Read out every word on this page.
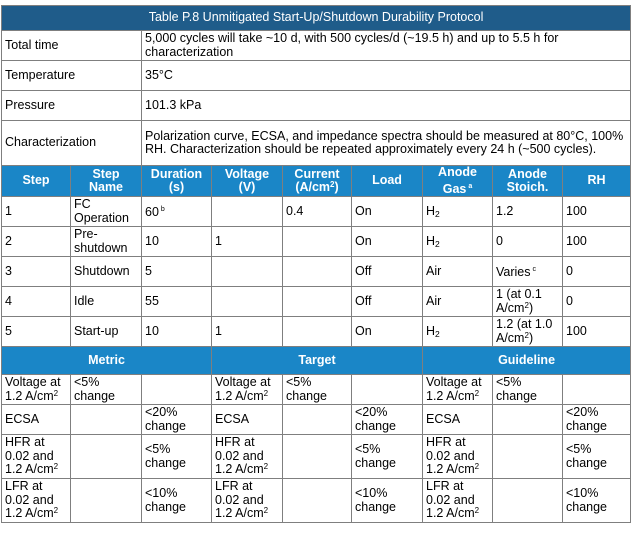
Table P.8 Unmitigated Start-Up/Shutdown Durability Protocol								
Total time		5,000 cycles will take ~10 d, with 500 cycles/d (~19.5 h) and up to 5.5 h for characterization						
Temperature		35°C						
Pressure		101.3 kPa						
Characterization		Polarization curve, ECSA, and impedance spectra should be measured at 80°C, 100% RH. Characterization should be repeated approximately every 24 h (~500 cycles).						
Step	Step Name	Duration (s)	Voltage (V)	Current $(A/cm^2)$	Load	Anode Gas $^a$	Anode Stoich.	RH
1	FC Operation	60 $^b$		0.4	On	$H_2$	1.2	100
2	Pre-shutdown	10	1		On	$H_2$	0	100
3	Shutdown	5			Off	Air	Varies $^c$	0
4	Idle	55			Off	Air	1 (at 0.1 $A/cm^2$)	0
5	Start-up	10	1		On	$H_2$	1.2 (at 1.0 $A/cm^2$)	100
Metric			Target			Guideline		
Voltage at 1.2 $A/cm^2$	<5% change		Voltage at 1.2 $A/cm^2$	<5% change		Voltage at 1.2 $A/cm^2$	<5% change	
ECSA		<20% change	ECSA		<20% change	ECSA		<20% change
HFR at 0.02 and 1.2 $A/cm^2$		<5% change	HFR at 0.02 and 1.2 $A/cm^2$		<5% change	HFR at 0.02 and 1.2 $A/cm^2$		<5% change
LFR at 0.02 and 1.2 $A/cm^2$		<10% change	LFR at 0.02 and 1.2 $A/cm^2$		<10% change	LFR at 0.02 and 1.2 $A/cm^2$		<10% change
